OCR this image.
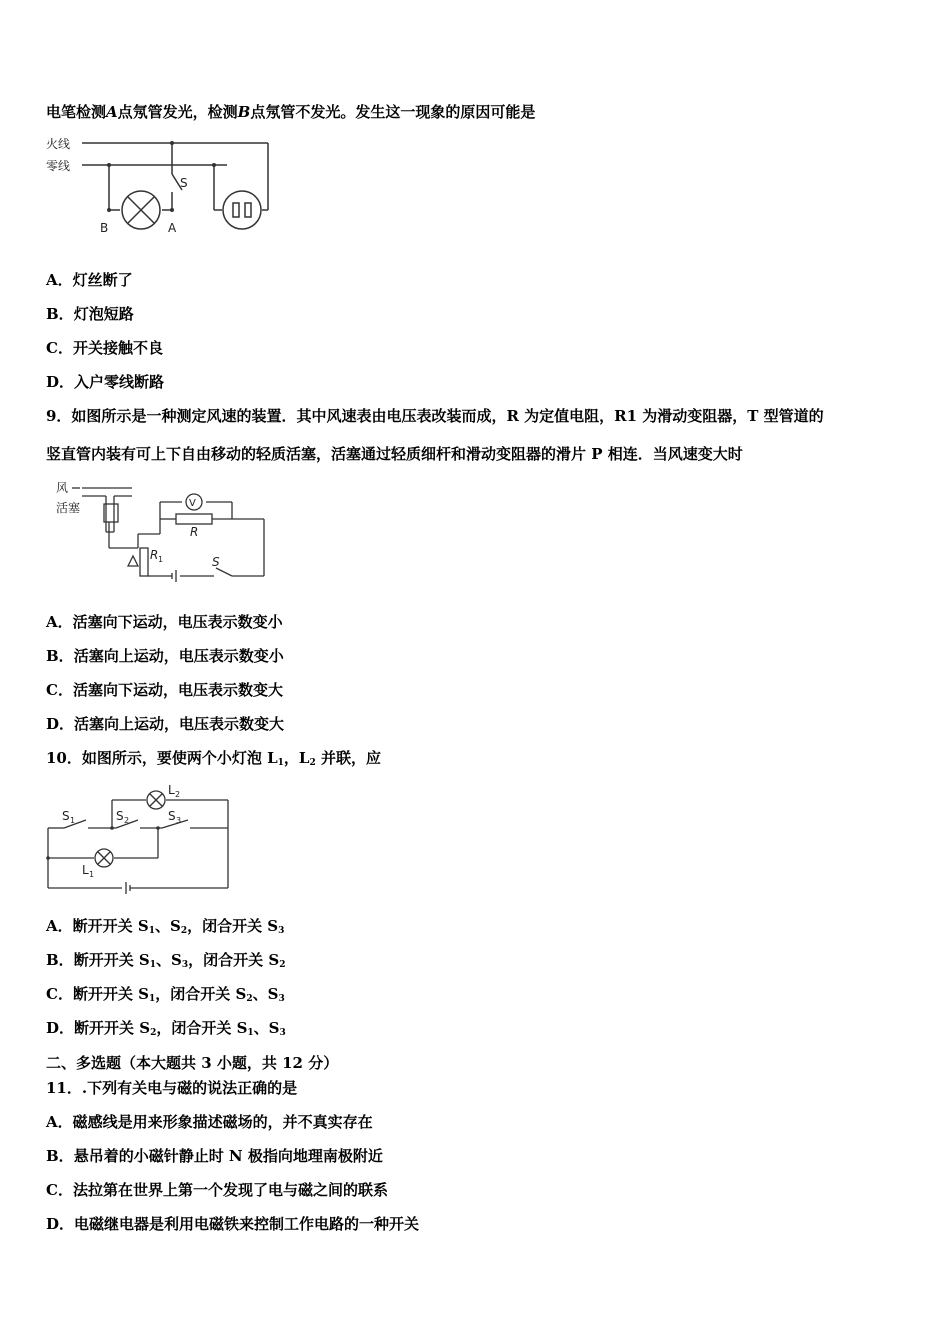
电笔检测A点氖管发光，检测B点氖管不发光。发生这一现象的原因可能是
火线
零线
S
B	A
A．灯丝断了
B．灯泡短路
C．开关接触不良
D．入户零线断路
9．如图所示是一种测定风速的装置．其中风速表由电压表改装而成，R 为定值电阻，R1 为滑动变阻器，T 型管道的
竖直管内装有可上下自由移动的轻质活塞，活塞通过轻质细杆和滑动变阻器的滑片 P 相连．当风速变大时
风
活塞	V
R
R 1	S
A．活塞向下运动，电压表示数变小
B．活塞向上运动，电压表示数变小
C．活塞向下运动，电压表示数变大
D．活塞向上运动，电压表示数变大
10．如图所示，要使两个小灯泡 $L_1$，$L_2$ 并联，应
S 1	S 2	S 3
L 1
L 2
A．断开开关 $S_1$、$S_2$，闭合开关 $S_3$
B．断开开关 $S_1$、$S_3$，闭合开关 $S_2$
C．断开开关 $S_1$，闭合开关 $S_2$、$S_3$
D．断开开关 $S_2$，闭合开关 $S_1$、$S_3$
二、多选题（本大题共 3 小题，共 12 分）
11．.下列有关电与磁的说法正确的是
A．磁感线是用来形象描述磁场的，并不真实存在
B．悬吊着的小磁针静止时 N 极指向地理南极附近
C．法拉第在世界上第一个发现了电与磁之间的联系
D．电磁继电器是利用电磁铁来控制工作电路的一种开关
